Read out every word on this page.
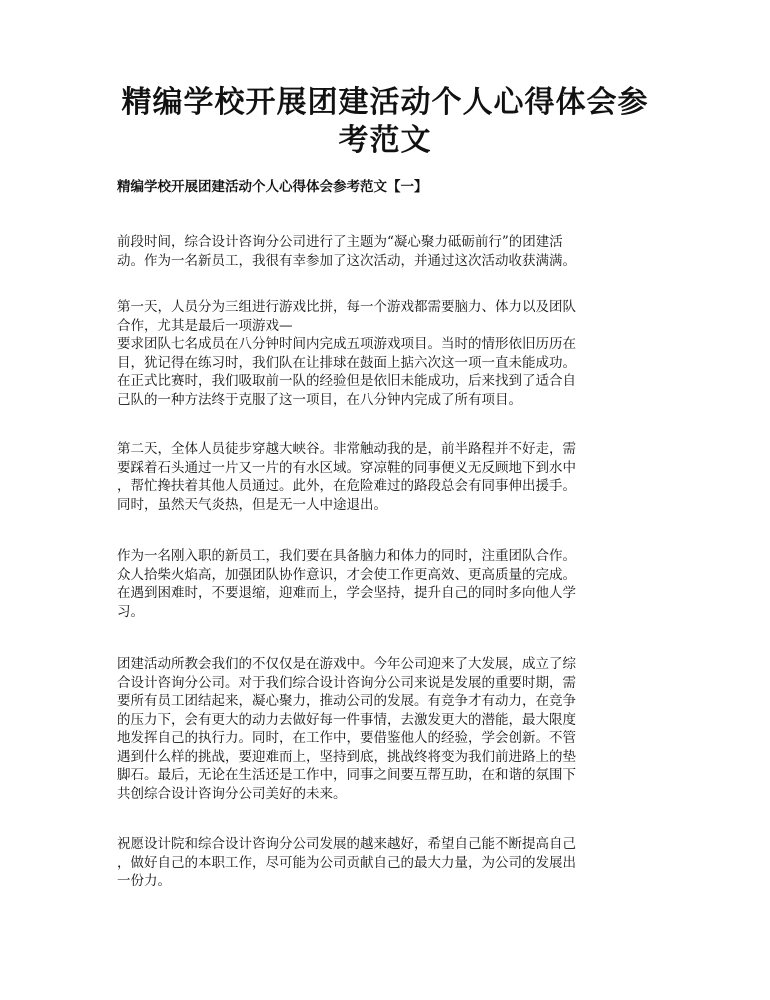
精编学校开展团建活动个人心得体会参
考范文

精编学校开展团建活动个人心得体会参考范文【一】

前段时间，综合设计咨询分公司进行了主题为“凝心聚力砥砺前行”的团建活
动。作为一名新员工，我很有幸参加了这次活动，并通过这次活动收获满满。

第一天，人员分为三组进行游戏比拼，每一个游戏都需要脑力、体力以及团队
合作，尤其是最后一项游戏—
要求团队七名成员在八分钟时间内完成五项游戏项目。当时的情形依旧历历在
目，犹记得在练习时，我们队在让排球在鼓面上掂六次这一项一直未能成功。
在正式比赛时，我们吸取前一队的经验但是依旧未能成功，后来找到了适合自
己队的一种方法终于克服了这一项目，在八分钟内完成了所有项目。

第二天，全体人员徒步穿越大峡谷。非常触动我的是，前半路程并不好走，需
要踩着石头通过一片又一片的有水区域。穿凉鞋的同事便义无反顾地下到水中
，帮忙搀扶着其他人员通过。此外，在危险难过的路段总会有同事伸出援手。
同时，虽然天气炎热，但是无一人中途退出。

作为一名刚入职的新员工，我们要在具备脑力和体力的同时，注重团队合作。
众人拾柴火焰高，加强团队协作意识，才会使工作更高效、更高质量的完成。
在遇到困难时，不要退缩，迎难而上，学会坚持，提升自己的同时多向他人学
习。

团建活动所教会我们的不仅仅是在游戏中。今年公司迎来了大发展，成立了综
合设计咨询分公司。对于我们综合设计咨询分公司来说是发展的重要时期，需
要所有员工团结起来，凝心聚力，推动公司的发展。有竞争才有动力，在竞争
的压力下，会有更大的动力去做好每一件事情，去激发更大的潜能，最大限度
地发挥自己的执行力。同时，在工作中，要借鉴他人的经验，学会创新。不管
遇到什么样的挑战，要迎难而上，坚持到底，挑战终将变为我们前进路上的垫
脚石。最后，无论在生活还是工作中，同事之间要互帮互助，在和谐的氛围下
共创综合设计咨询分公司美好的未来。

祝愿设计院和综合设计咨询分公司发展的越来越好，希望自己能不断提高自己
，做好自己的本职工作，尽可能为公司贡献自己的最大力量，为公司的发展出
一份力。
